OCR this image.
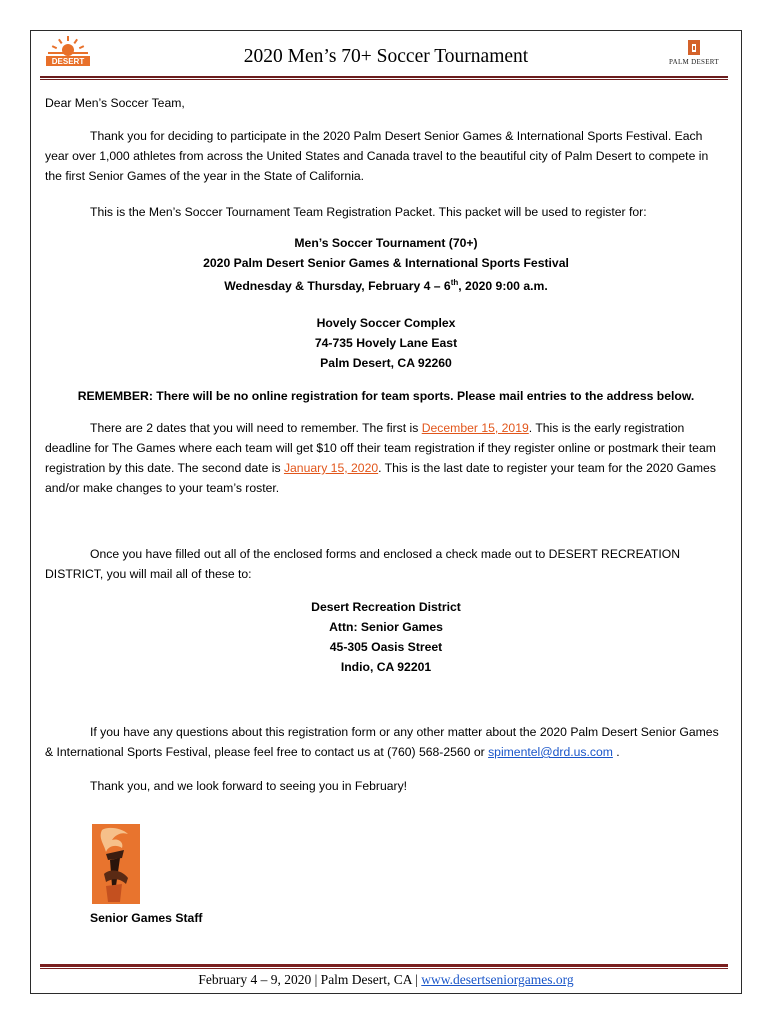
DESERT	2020 Men’s 70+ Soccer Tournament	PALM DESERT
Dear Men’s Soccer Team,
Thank you for deciding to participate in the 2020 Palm Desert Senior Games & International Sports Festival. Each year over 1,000 athletes from across the United States and Canada travel to the beautiful city of Palm Desert to compete in the first Senior Games of the year in the State of California.
This is the Men’s Soccer Tournament Team Registration Packet. This packet will be used to register for:
Men’s Soccer Tournament (70+)
2020 Palm Desert Senior Games & International Sports Festival
Wednesday & Thursday, February 4 – 6th, 2020 9:00 a.m.
Hovely Soccer Complex
74-735 Hovely Lane East
Palm Desert, CA 92260
REMEMBER: There will be no online registration for team sports. Please mail entries to the address below.
There are 2 dates that you will need to remember. The first is December 15, 2019. This is the early registration deadline for The Games where each team will get $10 off their team registration if they register online or postmark their team registration by this date. The second date is January 15, 2020. This is the last date to register your team for the 2020 Games and/or make changes to your team’s roster.
Once you have filled out all of the enclosed forms and enclosed a check made out to DESERT RECREATION DISTRICT, you will mail all of these to:
Desert Recreation District
Attn: Senior Games
45-305 Oasis Street
Indio, CA 92201
If you have any questions about this registration form or any other matter about the 2020 Palm Desert Senior Games & International Sports Festival, please feel free to contact us at (760) 568-2560 or spimentel@drd.us.com .
Thank you, and we look forward to seeing you in February!
Senior Games Staff
February 4 – 9, 2020 | Palm Desert, CA | www.desertseniorgames.org
